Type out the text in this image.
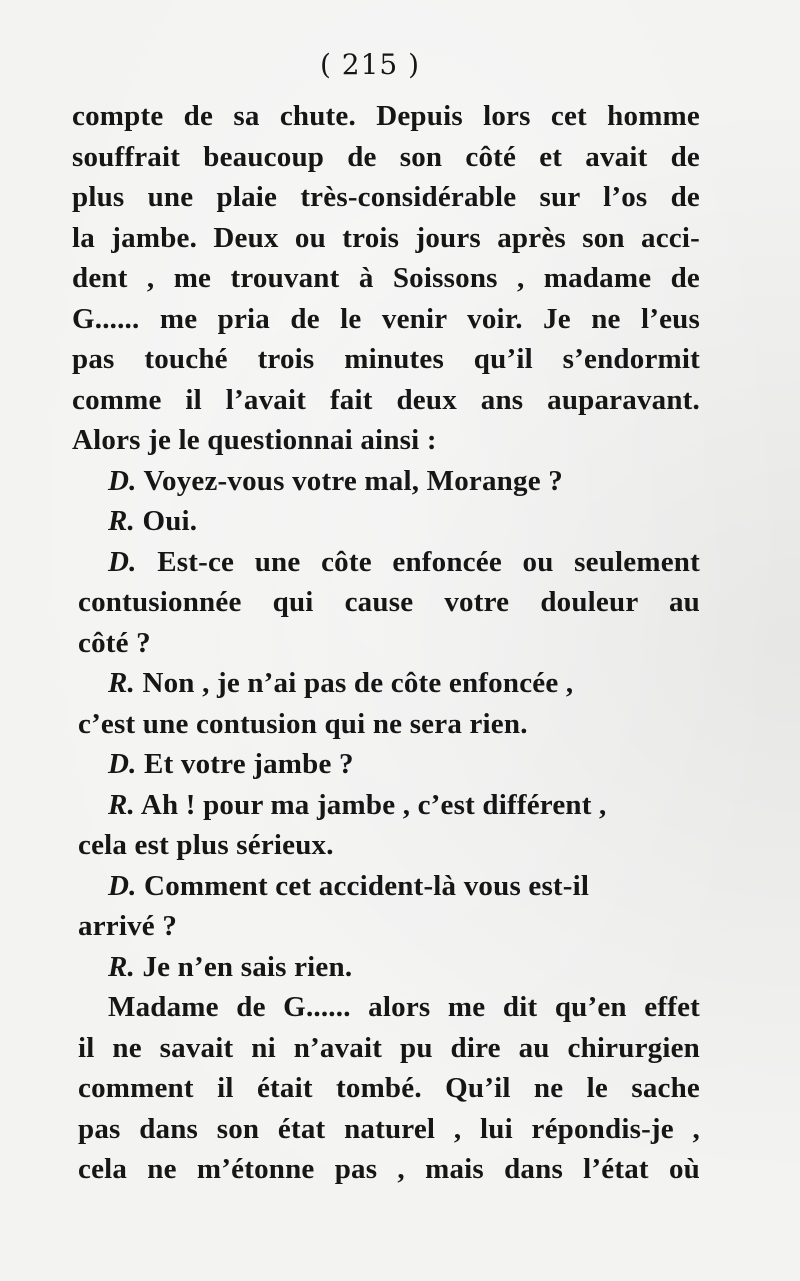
( 215 )
compte de sa chute. Depuis lors cet homme
souffrait beaucoup de son côté et avait de
plus une plaie très-considérable sur l’os de
la jambe. Deux ou trois jours après son acci-
dent , me trouvant à Soissons , madame de
G...... me pria de le venir voir. Je ne l’eus
pas touché trois minutes qu’il s’endormit
comme il l’avait fait deux ans auparavant.
Alors je le questionnai ainsi :
D. Voyez-vous votre mal, Morange ?
R. Oui.
D. Est-ce une côte enfoncée ou seulement
contusionnée qui cause votre douleur au
côté ?
R. Non , je n’ai pas de côte enfoncée ,
c’est une contusion qui ne sera rien.
D. Et votre jambe ?
R. Ah ! pour ma jambe , c’est différent ,
cela est plus sérieux.
D. Comment cet accident-là vous est-il
arrivé ?
R. Je n’en sais rien.
Madame de G...... alors me dit qu’en effet
il ne savait ni n’avait pu dire au chirurgien
comment il était tombé. Qu’il ne le sache
pas dans son état naturel , lui répondis-je ,
cela ne m’étonne pas , mais dans l’état où
